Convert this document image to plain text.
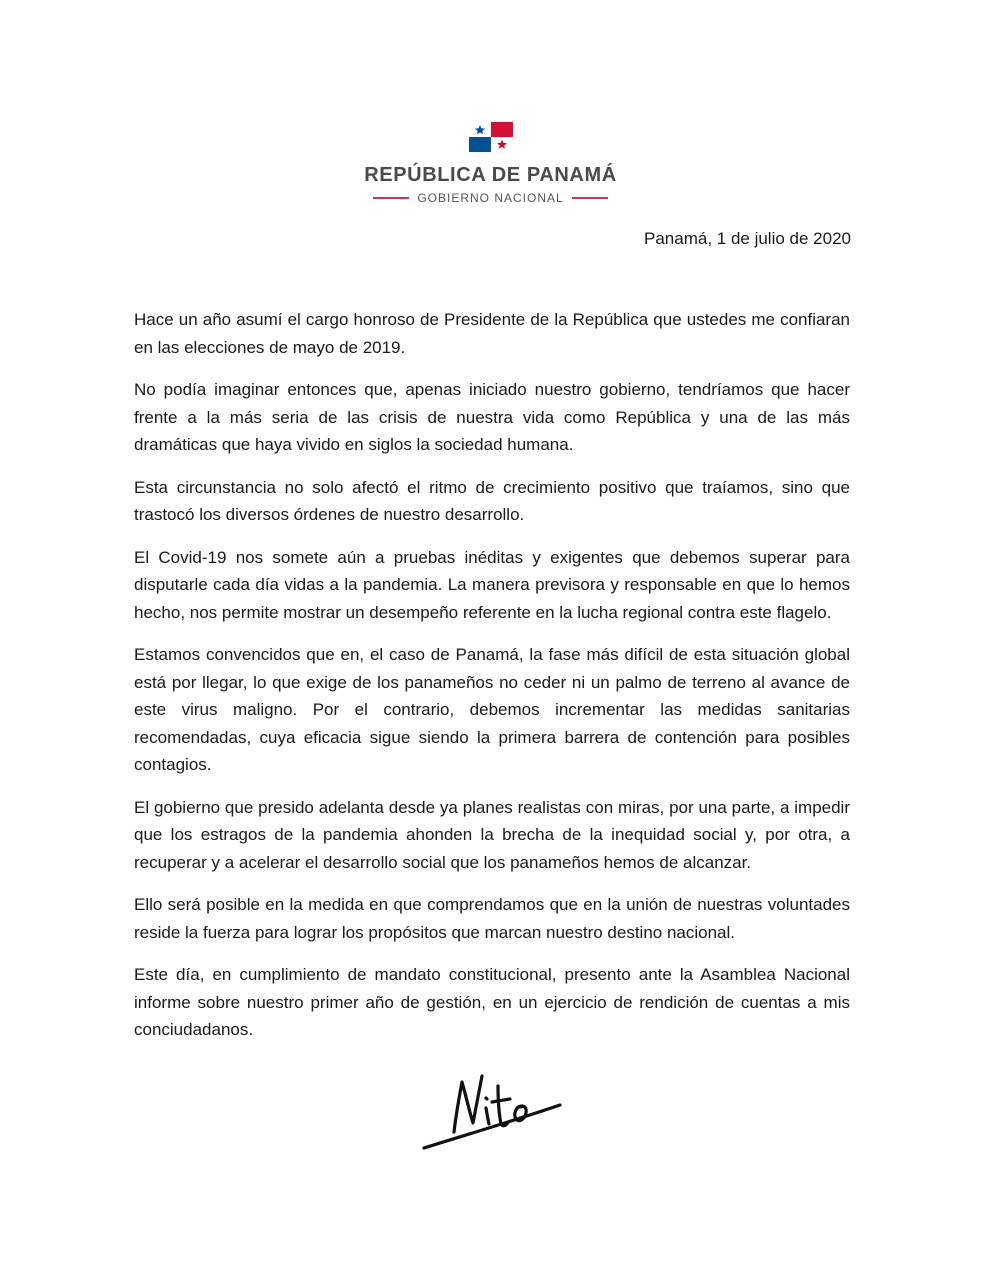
REPÚBLICA DE PANAMÁ
GOBIERNO NACIONAL
Panamá, 1 de julio de 2020

Hace un año asumí el cargo honroso de Presidente de la República que ustedes me confiaran en las elecciones de mayo de 2019.

No podía imaginar entonces que, apenas iniciado nuestro gobierno, tendríamos que hacer frente a la más seria de las crisis de nuestra vida como República y una de las más dramáticas que haya vivido en siglos la sociedad humana.

Esta circunstancia no solo afectó el ritmo de crecimiento positivo que traíamos, sino que trastocó los diversos órdenes de nuestro desarrollo.

El Covid-19 nos somete aún a pruebas inéditas y exigentes que debemos superar para disputarle cada día vidas a la pandemia. La manera previsora y responsable en que lo hemos hecho, nos permite mostrar un desempeño referente en la lucha regional contra este flagelo.

Estamos convencidos que en, el caso de Panamá, la fase más difícil de esta situación global está por llegar, lo que exige de los panameños no ceder ni un palmo de terreno al avance de este virus maligno. Por el contrario, debemos incrementar las medidas sanitarias recomendadas, cuya eficacia sigue siendo la primera barrera de contención para posibles contagios.

El gobierno que presido adelanta desde ya planes realistas con miras, por una parte, a impedir que los estragos de la pandemia ahonden la brecha de la inequidad social y, por otra, a recuperar y a acelerar el desarrollo social que los panameños hemos de alcanzar.

Ello será posible en la medida en que comprendamos que en la unión de nuestras voluntades reside la fuerza para lograr los propósitos que marcan nuestro destino nacional.

Este día, en cumplimiento de mandato constitucional, presento ante la Asamblea Nacional informe sobre nuestro primer año de gestión, en un ejercicio de rendición de cuentas a mis conciudadanos.
